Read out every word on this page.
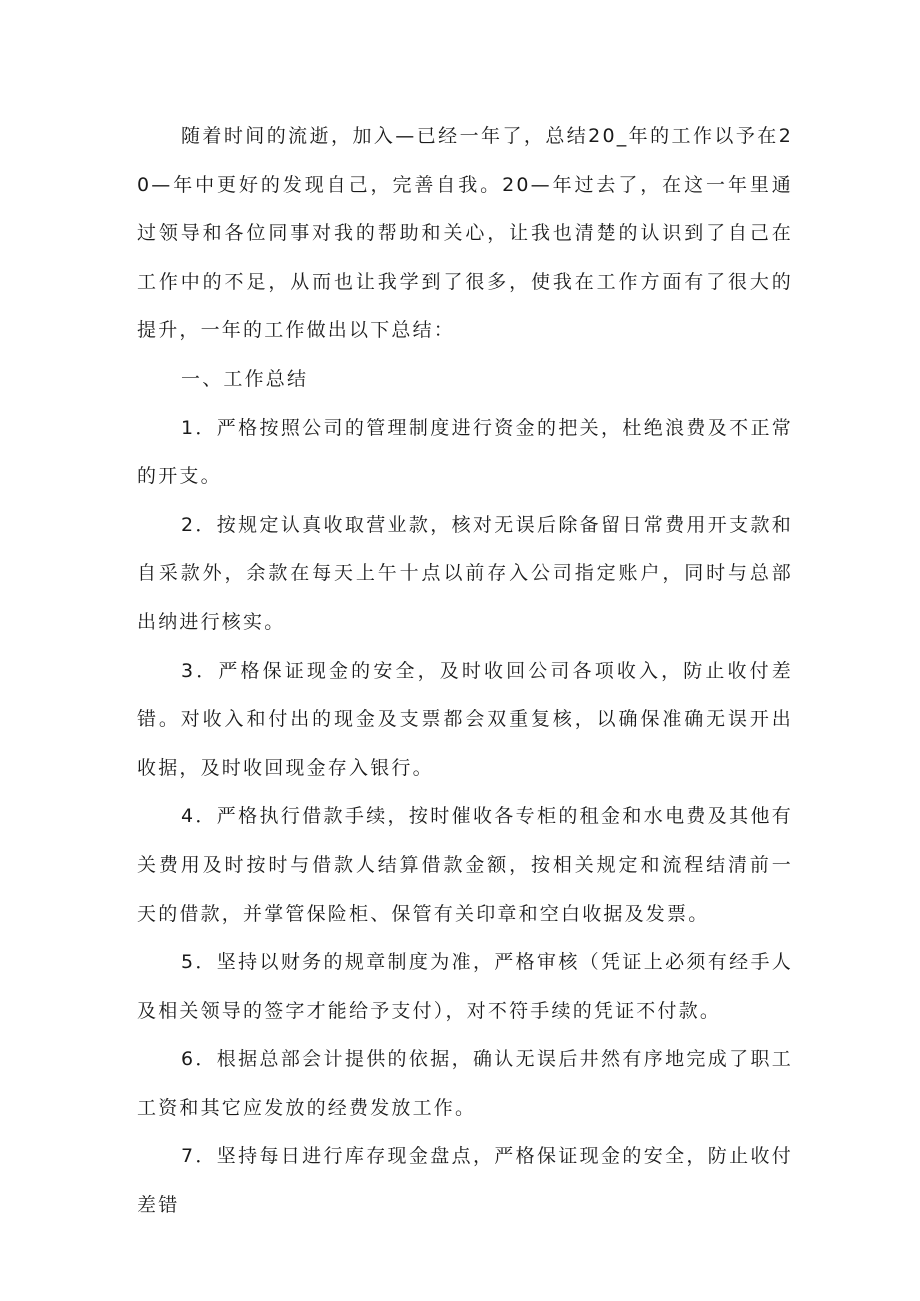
随着时间的流逝，加入—已经一年了，总结20_年的工作以予在20—年中更好的发现自己，完善自我。20—年过去了，在这一年里通过领导和各位同事对我的帮助和关心，让我也清楚的认识到了自己在工作中的不足，从而也让我学到了很多，使我在工作方面有了很大的提升，一年的工作做出以下总结：

一、工作总结

1．严格按照公司的管理制度进行资金的把关，杜绝浪费及不正常的开支。

2．按规定认真收取营业款，核对无误后除备留日常费用开支款和自采款外，余款在每天上午十点以前存入公司指定账户，同时与总部出纳进行核实。

3．严格保证现金的安全，及时收回公司各项收入，防止收付差错。对收入和付出的现金及支票都会双重复核，以确保准确无误开出收据，及时收回现金存入银行。

4．严格执行借款手续，按时催收各专柜的租金和水电费及其他有关费用及时按时与借款人结算借款金额，按相关规定和流程结清前一天的借款，并掌管保险柜、保管有关印章和空白收据及发票。

5．坚持以财务的规章制度为准，严格审核（凭证上必须有经手人及相关领导的签字才能给予支付），对不符手续的凭证不付款。

6．根据总部会计提供的依据，确认无误后井然有序地完成了职工工资和其它应发放的经费发放工作。

7．坚持每日进行库存现金盘点，严格保证现金的安全，防止收付差错
